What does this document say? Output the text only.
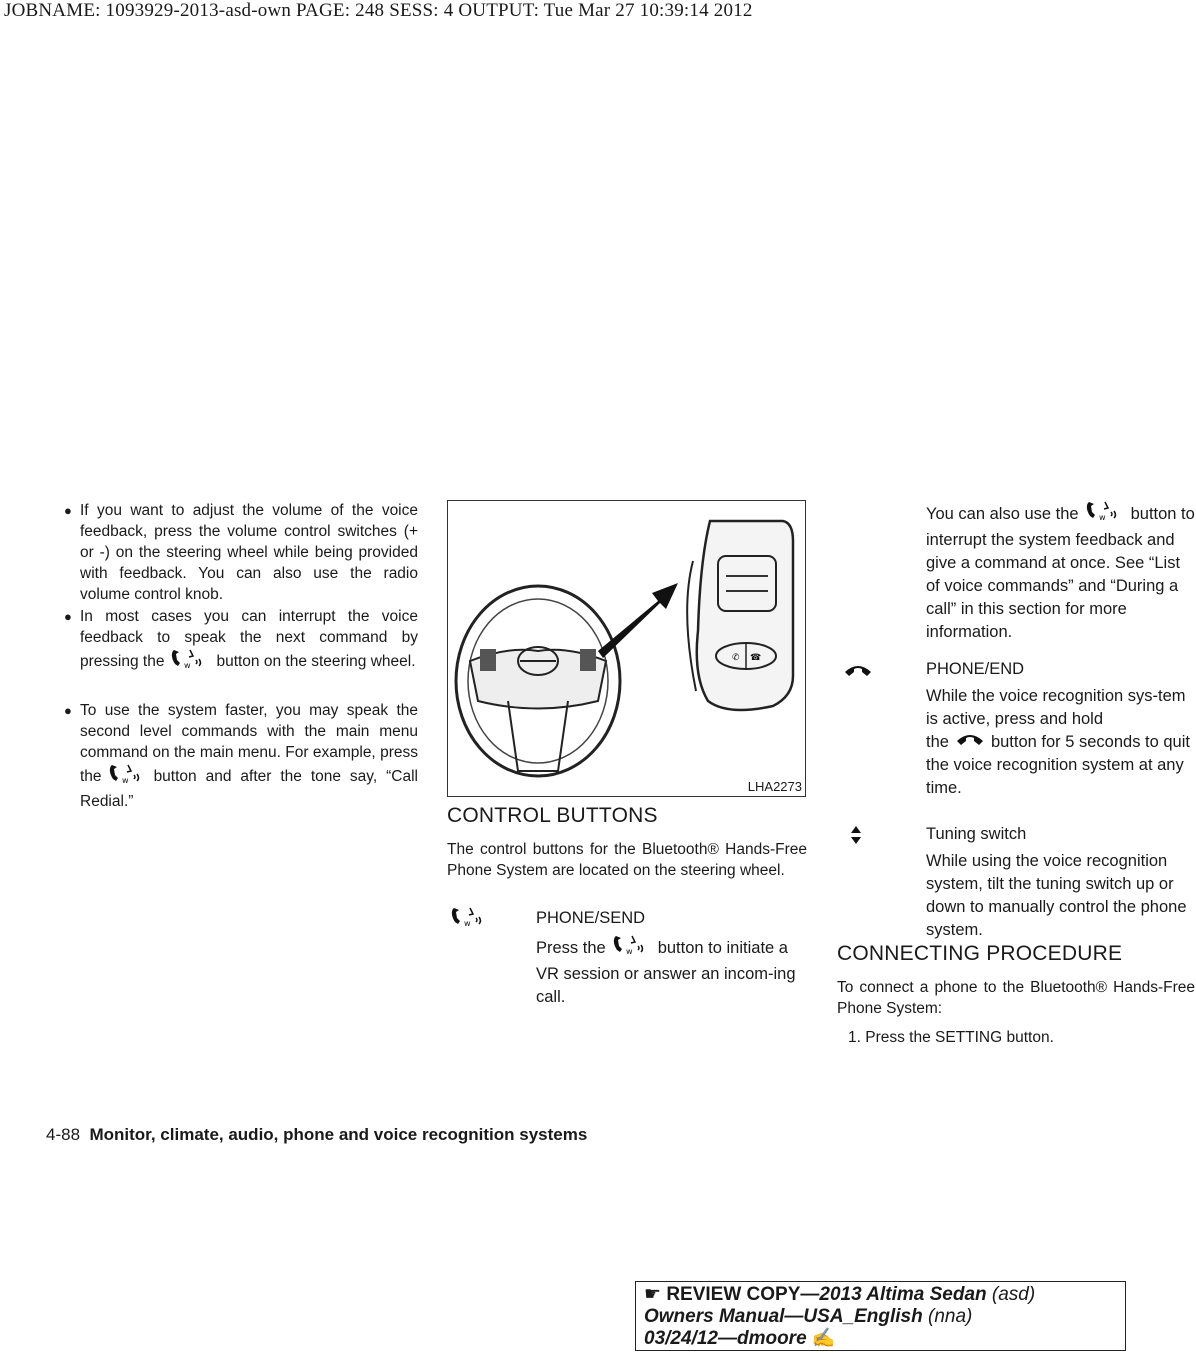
JOBNAME: 1093929-2013-asd-own PAGE: 248 SESS: 4 OUTPUT: Tue Mar 27 10:39:14 2012
● If you want to adjust the volume of the voice feedback, press the volume control switches (+ or -) on the steering wheel while being provided with feedback. You can also use the radio volume control knob.
● In most cases you can interrupt the voice feedback to speak the next command by pressing the	w button on the steering wheel.
● To use the system faster, you may speak the second level commands with the main menu command on the main menu. For example, press the	w button and after the tone say, “Call Redial.”
✆ ☎
LHA2273
CONTROL BUTTONS
The control buttons for the Bluetooth® Hands-Free Phone System are located on the steering wheel.
w	PHONE/SEND
Press the	w button to initiate a VR session or answer an incom-ing call.
You can also use the	w button to interrupt the system feedback and give a command at once. See “List of voice commands” and “During a call” in this section for more information.
PHONE/END
While the voice recognition sys-tem is active, press and hold
the	button for 5 seconds to quit the voice recognition system at any time.
Tuning switch
While using the voice recognition system, tilt the tuning switch up or down to manually control the phone system.
CONNECTING PROCEDURE
To connect a phone to the Bluetooth® Hands-Free Phone System:
1. Press the SETTING button.
4-88 Monitor, climate, audio, phone and voice recognition systems
☛ REVIEW COPY—2013 Altima Sedan (asd)
Owners Manual—USA_English (nna)
03/24/12—dmoore ✍
